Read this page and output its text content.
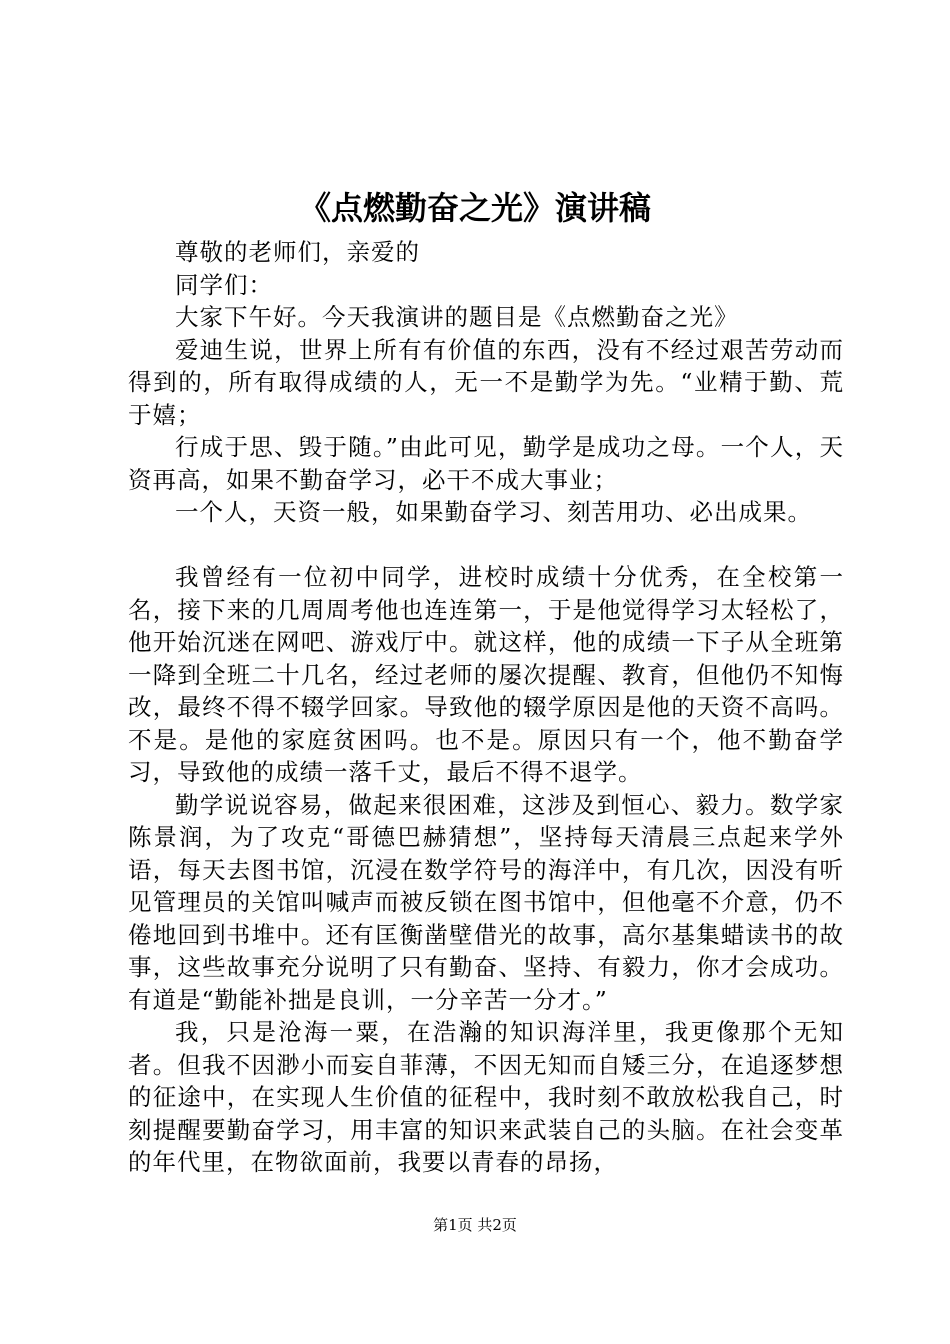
《点燃勤奋之光》演讲稿

尊敬的老师们，亲爱的

同学们：

大家下午好。今天我演讲的题目是《点燃勤奋之光》

爱迪生说，世界上所有有价值的东西，没有不经过艰苦劳动而得到的，所有取得成绩的人，无一不是勤学为先。“业精于勤、荒于嬉；

行成于思、毁于随。”由此可见，勤学是成功之母。一个人，天资再高，如果不勤奋学习，必干不成大事业；

一个人，天资一般，如果勤奋学习、刻苦用功、必出成果。

我曾经有一位初中同学，进校时成绩十分优秀，在全校第一名，接下来的几周周考他也连连第一，于是他觉得学习太轻松了，他开始沉迷在网吧、游戏厅中。就这样，他的成绩一下子从全班第一降到全班二十几名，经过老师的屡次提醒、教育，但他仍不知悔改，最终不得不辍学回家。导致他的辍学原因是他的天资不高吗。不是。是他的家庭贫困吗。也不是。原因只有一个，他不勤奋学习，导致他的成绩一落千丈，最后不得不退学。

勤学说说容易，做起来很困难，这涉及到恒心、毅力。数学家陈景润，为了攻克“哥德巴赫猜想”，坚持每天清晨三点起来学外语，每天去图书馆，沉浸在数学符号的海洋中，有几次，因没有听见管理员的关馆叫喊声而被反锁在图书馆中，但他毫不介意，仍不倦地回到书堆中。还有匡衡凿壁借光的故事，高尔基集蜡读书的故事，这些故事充分说明了只有勤奋、坚持、有毅力，你才会成功。有道是“勤能补拙是良训，一分辛苦一分才。”

我，只是沧海一粟，在浩瀚的知识海洋里，我更像那个无知者。但我不因渺小而妄自菲薄，不因无知而自矮三分，在追逐梦想的征途中，在实现人生价值的征程中，我时刻不敢放松我自己，时刻提醒要勤奋学习，用丰富的知识来武装自己的头脑。在社会变革的年代里，在物欲面前，我要以青春的昂扬，

第1页 共2页
